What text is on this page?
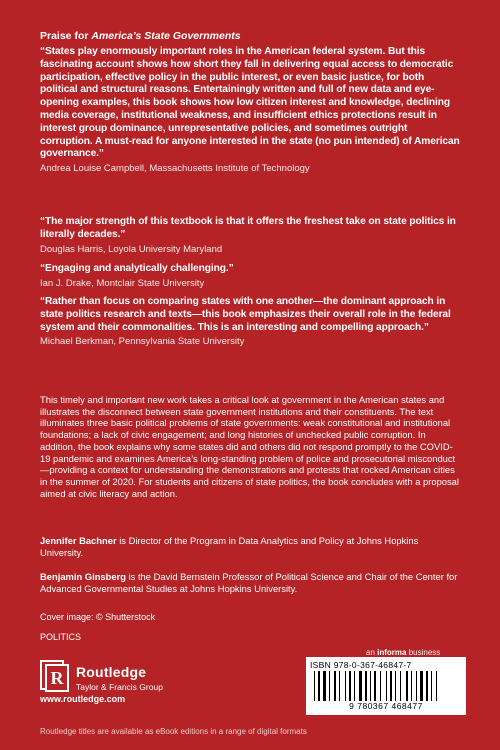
Praise for America’s State Governments

“States play enormously important roles in the American federal system. But this fascinating account shows how short they fall in delivering equal access to democratic participation, effective policy in the public interest, or even basic justice, for both political and structural reasons. Entertainingly written and full of new data and eye-opening examples, this book shows how low citizen interest and knowledge, declining media coverage, institutional weakness, and insufficient ethics protections result in interest group dominance, unrepresentative policies, and sometimes outright corruption. A must-read for anyone interested in the state (no pun intended) of American governance.”

Andrea Louise Campbell, Massachusetts Institute of Technology

“The major strength of this textbook is that it offers the freshest take on state politics in literally decades.”

Douglas Harris, Loyola University Maryland

“Engaging and analytically challenging.”

Ian J. Drake, Montclair State University

“Rather than focus on comparing states with one another—the dominant approach in state politics research and texts—this book emphasizes their overall role in the federal system and their commonalities. This is an interesting and compelling approach.”

Michael Berkman, Pennsylvania State University

This timely and important new work takes a critical look at government in the American states and illustrates the disconnect between state government institutions and their constituents. The text illuminates three basic political problems of state governments: weak constitutional and institutional foundations; a lack of civic engagement; and long histories of unchecked public corruption. In addition, the book explains why some states did and others did not respond promptly to the COVID-19 pandemic and examines America’s long-standing problem of police and prosecutorial misconduct—providing a context for understanding the demonstrations and protests that rocked American cities in the summer of 2020. For students and citizens of state politics, the book concludes with a proposal aimed at civic literacy and action.

Jennifer Bachner is Director of the Program in Data Analytics and Policy at Johns Hopkins University.

Benjamin Ginsberg is the David Bernstein Professor of Political Science and Chair of the Center for Advanced Governmental Studies at Johns Hopkins University.

Cover image: © Shutterstock
POLITICS
R Routledge
Taylor & Francis Group
www.routledge.com
an informa business
ISBN 978-0-367-46847-7
9 780367 468477
Routledge titles are available as eBook editions in a range of digital formats
